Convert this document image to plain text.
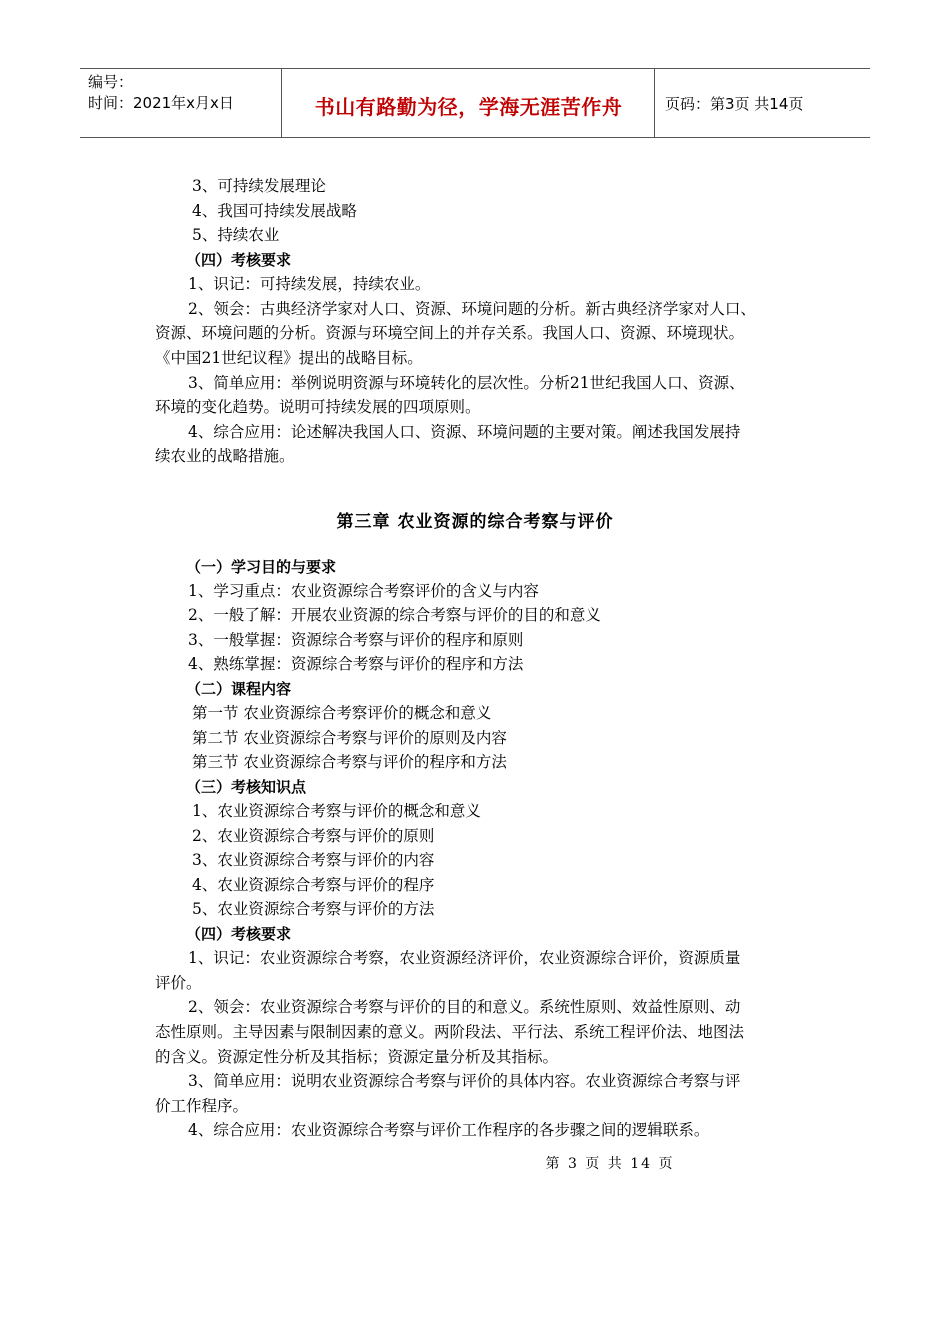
编号：
时间：2021年x月x日	书山有路勤为径，学海无涯苦作舟	页码：第3页 共14页
3、可持续发展理论
4、我国可持续发展战略
5、持续农业
（四）考核要求
1、识记：可持续发展，持续农业。
2、领会：古典经济学家对人口、资源、环境问题的分析。新古典经济学家对人口、
资源、环境问题的分析。资源与环境空间上的并存关系。我国人口、资源、环境现状。
《中国21世纪议程》提出的战略目标。
3、简单应用：举例说明资源与环境转化的层次性。分析21世纪我国人口、资源、
环境的变化趋势。说明可持续发展的四项原则。
4、综合应用：论述解决我国人口、资源、环境问题的主要对策。阐述我国发展持
续农业的战略措施。
第三章 农业资源的综合考察与评价
（一）学习目的与要求
1、学习重点：农业资源综合考察评价的含义与内容
2、一般了解：开展农业资源的综合考察与评价的目的和意义
3、一般掌握：资源综合考察与评价的程序和原则
4、熟练掌握：资源综合考察与评价的程序和方法
（二）课程内容
第一节 农业资源综合考察评价的概念和意义
第二节 农业资源综合考察与评价的原则及内容
第三节 农业资源综合考察与评价的程序和方法
（三）考核知识点
1、农业资源综合考察与评价的概念和意义
2、农业资源综合考察与评价的原则
3、农业资源综合考察与评价的内容
4、农业资源综合考察与评价的程序
5、农业资源综合考察与评价的方法
（四）考核要求
1、识记：农业资源综合考察，农业资源经济评价，农业资源综合评价，资源质量
评价。
2、领会：农业资源综合考察与评价的目的和意义。系统性原则、效益性原则、动
态性原则。主导因素与限制因素的意义。两阶段法、平行法、系统工程评价法、地图法
的含义。资源定性分析及其指标；资源定量分析及其指标。
3、简单应用：说明农业资源综合考察与评价的具体内容。农业资源综合考察与评
价工作程序。
4、综合应用：农业资源综合考察与评价工作程序的各步骤之间的逻辑联系。
第 3 页 共 14 页
